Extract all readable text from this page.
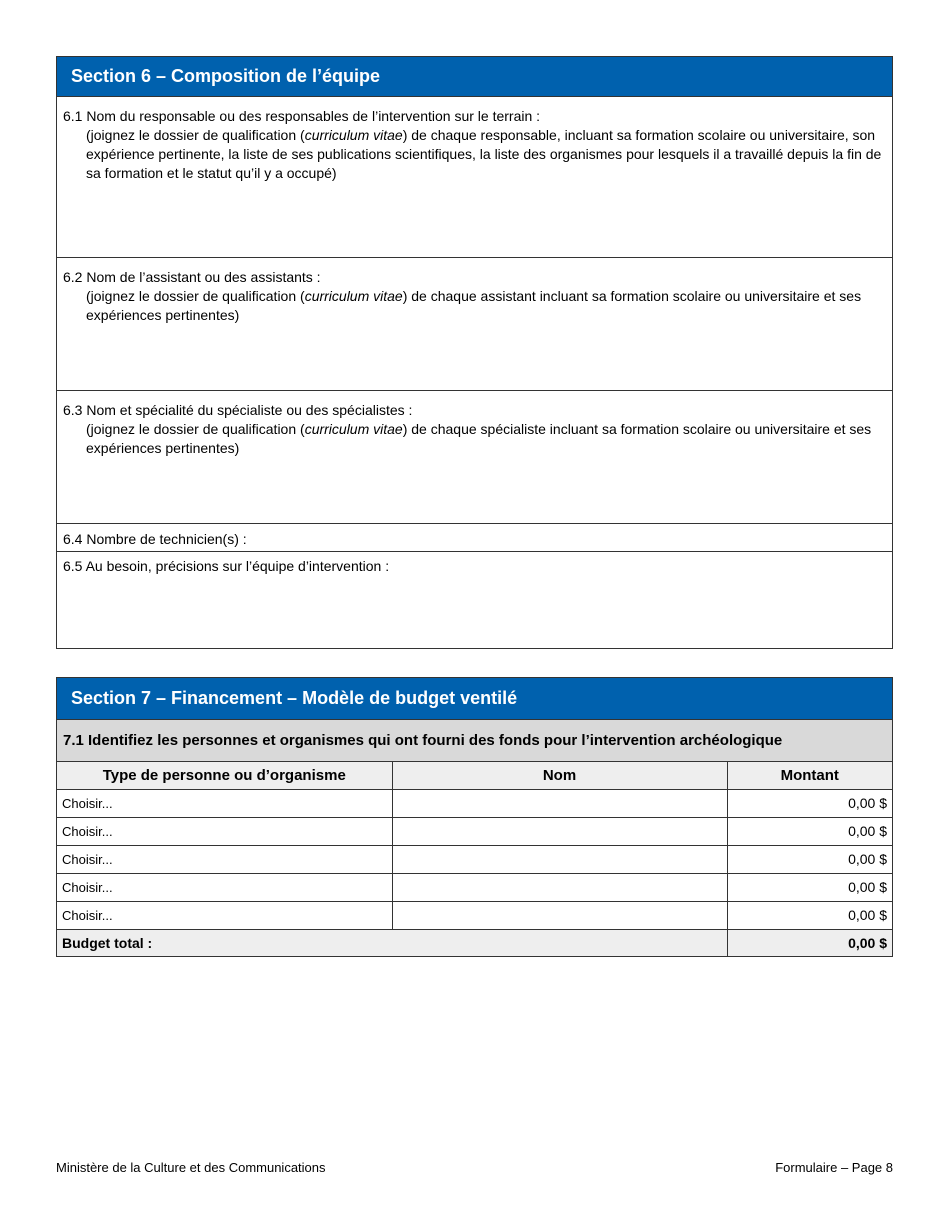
Section 6 – Composition de l’équipe
6.1 Nom du responsable ou des responsables de l’intervention sur le terrain :
(joignez le dossier de qualification (curriculum vitae) de chaque responsable, incluant sa formation scolaire ou universitaire, son expérience pertinente, la liste de ses publications scientifiques, la liste des organismes pour lesquels il a travaillé depuis la fin de sa formation et le statut qu’il y a occupé)
6.2 Nom de l’assistant ou des assistants :
(joignez le dossier de qualification (curriculum vitae) de chaque assistant incluant sa formation scolaire ou universitaire et ses expériences pertinentes)
6.3 Nom et spécialité du spécialiste ou des spécialistes :
(joignez le dossier de qualification (curriculum vitae) de chaque spécialiste incluant sa formation scolaire ou universitaire et ses expériences pertinentes)
6.4 Nombre de technicien(s) :
6.5 Au besoin, précisions sur l’équipe d’intervention :
Section 7 – Financement – Modèle de budget ventilé
7.1 Identifiez les personnes et organismes qui ont fourni des fonds pour l’intervention archéologique
Type de personne ou d’organisme	Nom	Montant
Choisir...		0,00 $
Choisir...		0,00 $
Choisir...		0,00 $
Choisir...		0,00 $
Choisir...		0,00 $
Budget total :		0,00 $
Ministère de la Culture et des Communications	Formulaire – Page 8
